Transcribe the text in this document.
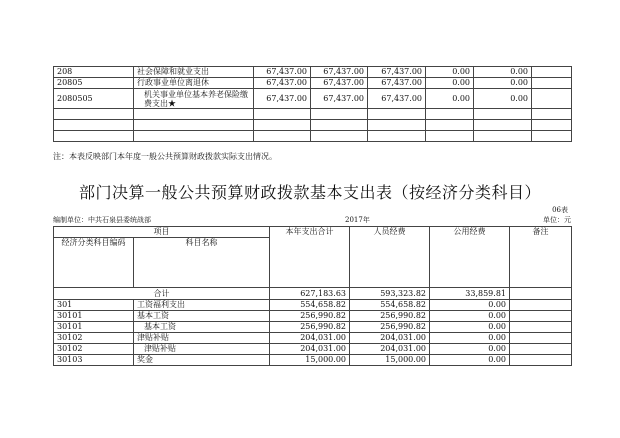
208	社会保障和就业支出	67,437.00	67,437.00	67,437.00	0.00	0.00	
20805	行政事业单位离退休	67,437.00	67,437.00	67,437.00	0.00	0.00	
2080505	机关事业单位基本养老保险缴费支出★	67,437.00	67,437.00	67,437.00	0.00	0.00	

注：本表反映部门本年度一般公共预算财政拨款实际支出情况。
部门决算一般公共预算财政拨款基本支出表（按经济分类科目）
06表
编制单位：中共石泉县委统战部	2017年	单位：元
项目		本年支出合计	人员经费	公用经费	备注
经济分类科目编码	科目名称				

合计		627,183.63	593,323.82	33,859.81	
301	工资福利支出	554,658.82	554,658.82	0.00	
30101	基本工资	256,990.82	256,990.82	0.00	
30101	基本工资	256,990.82	256,990.82	0.00	
30102	津贴补贴	204,031.00	204,031.00	0.00	
30102	津贴补贴	204,031.00	204,031.00	0.00	
30103	奖金	15,000.00	15,000.00	0.00	
